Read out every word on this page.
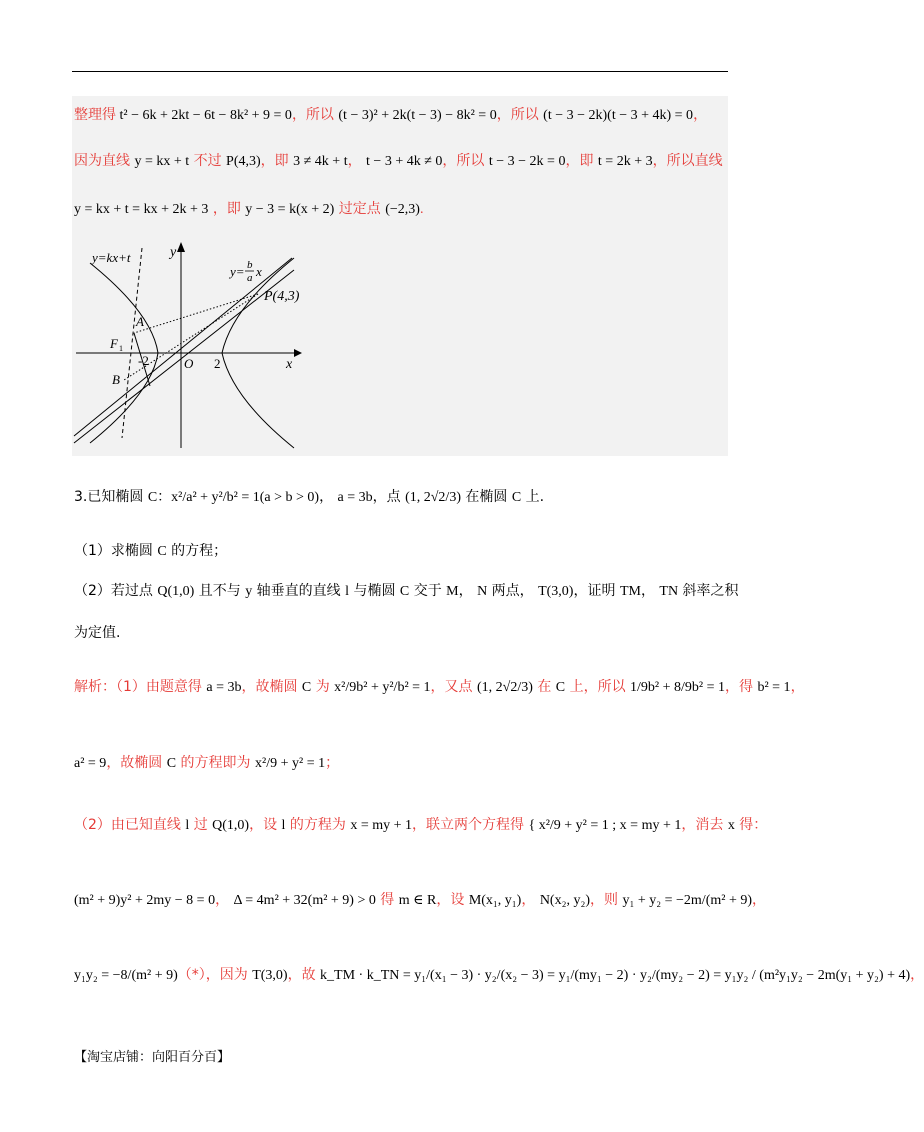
整理得 t² − 6k + 2kt − 6t − 8k² + 9 = 0，所以 (t − 3)² + 2k(t − 3) − 8k² = 0，所以 (t − 3 − 2k)(t − 3 + 4k) = 0，
因为直线 y = kx + t 不过 P(4,3)，即 3 ≠ 4k + t， t − 3 + 4k ≠ 0，所以 t − 3 − 2k = 0，即 t = 2k + 3，所以直线
y = kx + t = kx + 2k + 3 ，即 y − 3 = k(x + 2) 过定点 (−2,3).
3.已知椭圆 C：x²/a² + y²/b² = 1(a > b > 0)， a = 3b，点 (1, 2√2/3) 在椭圆 C 上.
（1）求椭圆 C 的方程；
（2）若过点 Q(1,0) 且不与 y 轴垂直的直线 l 与椭圆 C 交于 M， N 两点， T(3,0)，证明 TM， TN 斜率之积
为定值.
解析：（1）由题意得 a = 3b，故椭圆 C 为 x²/9b² + y²/b² = 1，又点 (1, 2√2/3) 在 C 上，所以 1/9b² + 8/9b² = 1，得 b² = 1，
a² = 9，故椭圆 C 的方程即为 x²/9 + y² = 1；
（2）由已知直线 l 过 Q(1,0)，设 l 的方程为 x = my + 1，联立两个方程得 { x²/9 + y² = 1 ; x = my + 1，消去 x 得：
(m² + 9)y² + 2my − 8 = 0， Δ = 4m² + 32(m² + 9) > 0 得 m ∈ R，设 M(x₁, y₁)， N(x₂, y₂)，则 y₁ + y₂ = −2m/(m² + 9)，
y₁y₂ = −8/(m² + 9)（*），因为 T(3,0)，故 k_TM · k_TN = y₁/(x₁ − 3) · y₂/(x₂ − 3) = y₁/(my₁ − 2) · y₂/(my₂ − 2) = y₁y₂ / (m²y₁y₂ − 2m(y₁ + y₂) + 4)，
y=kx+t
y= b
a x
P(4,3)
A
F 1
-2	O 2	x
y
B
【淘宝店铺：向阳百分百】
